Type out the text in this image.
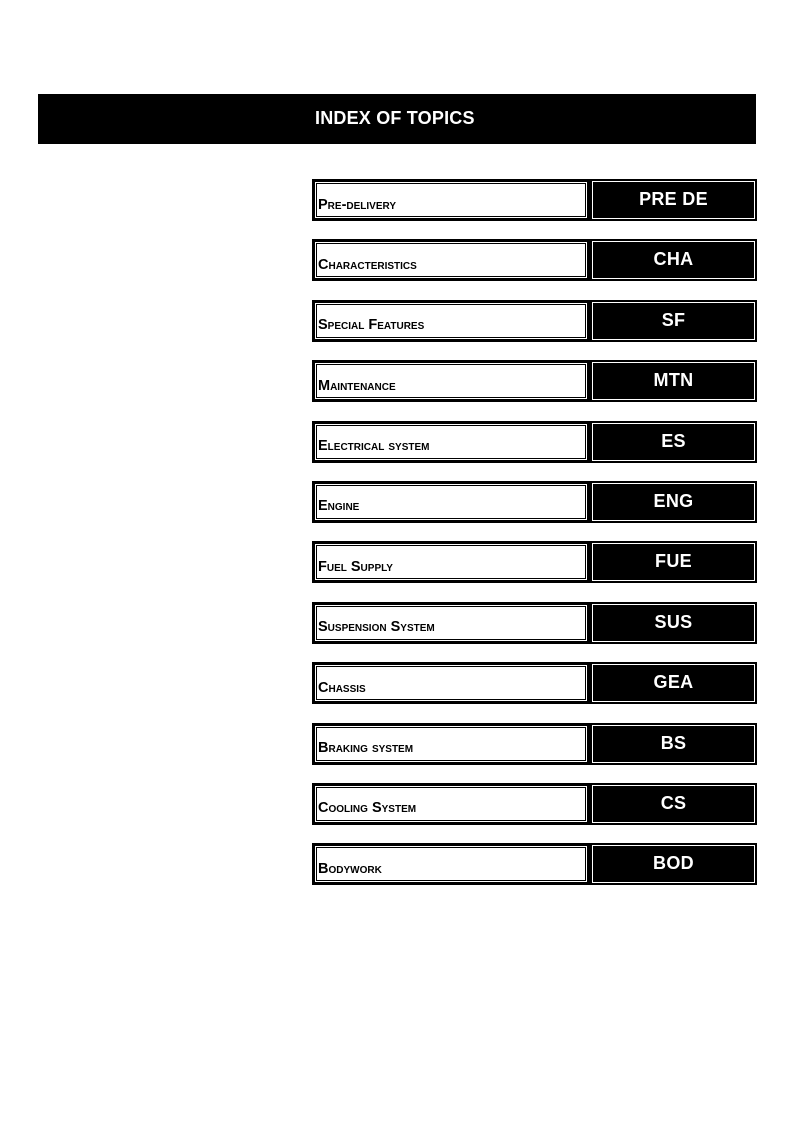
INDEX OF TOPICS
Pre-delivery	PRE DE
Characteristics	CHA
Special Features	SF
Maintenance	MTN
Electrical system	ES
Engine	ENG
Fuel Supply	FUE
Suspension System	SUS
Chassis	GEA
Braking system	BS
Cooling System	CS
Bodywork	BOD
